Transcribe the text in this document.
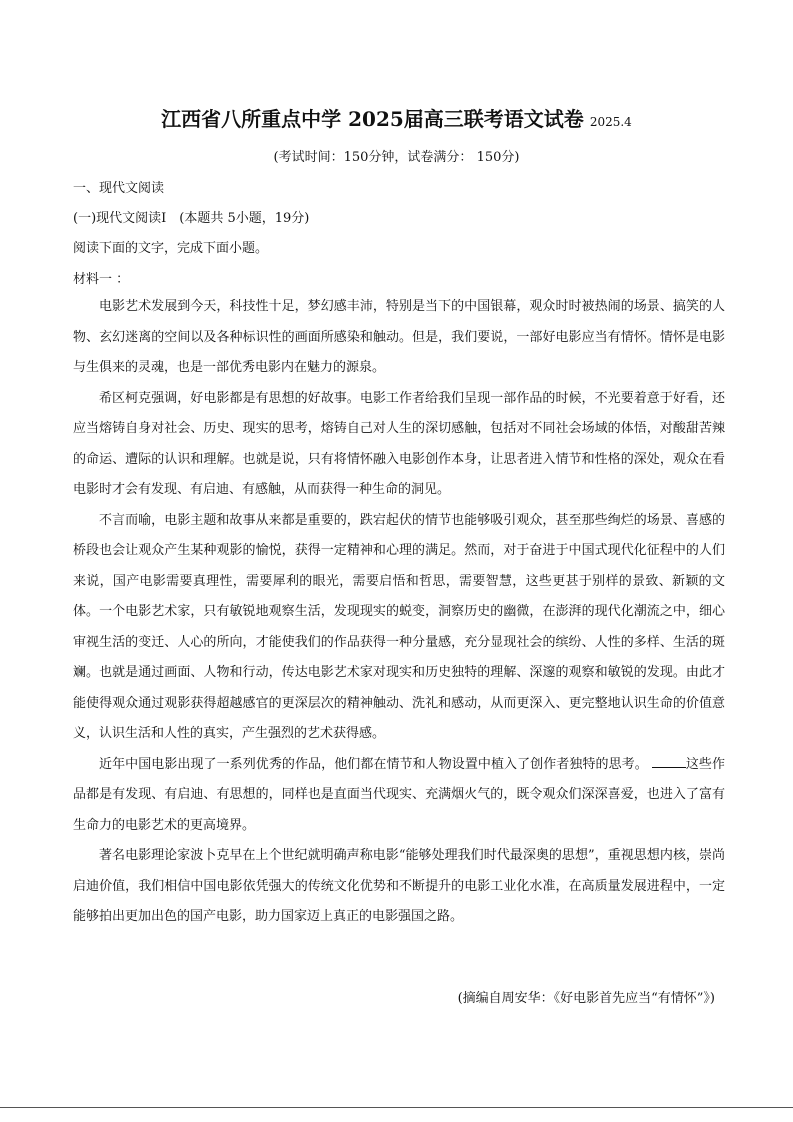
江西省八所重点中学 2025届高三联考语文试卷 2025.4
(考试时间：150分钟，试卷满分： 150分)
一、现代文阅读
(一)现代文阅读Ⅰ　(本题共 5小题，19分)
阅读下面的文字，完成下面小题。
材料一 ：

电影艺术发展到今天，科技性十足，梦幻感丰沛，特别是当下的中国银幕，观众时时被热闹的场景、搞笑的人物、玄幻迷离的空间以及各种标识性的画面所感染和触动。但是，我们要说，一部好电影应当有情怀。情怀是电影与生俱来的灵魂，也是一部优秀电影内在魅力的源泉。

希区柯克强调，好电影都是有思想的好故事。电影工作者给我们呈现一部作品的时候，不光要着意于好看，还应当熔铸自身对社会、历史、现实的思考，熔铸自己对人生的深切感触，包括对不同社会场域的体悟，对酸甜苦辣的命运、遭际的认识和理解。也就是说，只有将情怀融入电影创作本身，让思者进入情节和性格的深处，观众在看电影时才会有发现、有启迪、有感触，从而获得一种生命的洞见。

不言而喻，电影主题和故事从来都是重要的，跌宕起伏的情节也能够吸引观众，甚至那些绚烂的场景、喜感的桥段也会让观众产生某种观影的愉悦，获得一定精神和心理的满足。然而，对于奋进于中国式现代化征程中的人们来说，国产电影需要真理性，需要犀利的眼光，需要启悟和哲思，需要智慧，这些更甚于别样的景致、新颖的文体。一个电影艺术家，只有敏锐地观察生活，发现现实的蜕变，洞察历史的幽微，在澎湃的现代化潮流之中，细心审视生活的变迁、人心的所向，才能使我们的作品获得一种分量感，充分显现社会的缤纷、人性的多样、生活的斑斓。也就是通过画面、人物和行动，传达电影艺术家对现实和历史独特的理解、深邃的观察和敏锐的发现。由此才能使得观众通过观影获得超越感官的更深层次的精神触动、洗礼和感动，从而更深入、更完整地认识生命的价值意义，认识生活和人性的真实，产生强烈的艺术获得感。

近年中国电影出现了一系列优秀的作品，他们都在情节和人物设置中植入了创作者独特的思考。	这些作品都是有发现、有启迪、有思想的，同样也是直面当代现实、充满烟火气的，既令观众们深深喜爱，也进入了富有生命力的电影艺术的更高境界。

著名电影理论家波卜克早在上个世纪就明确声称电影“能够处理我们时代最深奥的思想”，重视思想内核，崇尚启迪价值，我们相信中国电影依凭强大的传统文化优势和不断提升的电影工业化水准，在高质量发展进程中，一定能够拍出更加出色的国产电影，助力国家迈上真正的电影强国之路。

(摘编自周安华：《好电影首先应当“有情怀”》)
